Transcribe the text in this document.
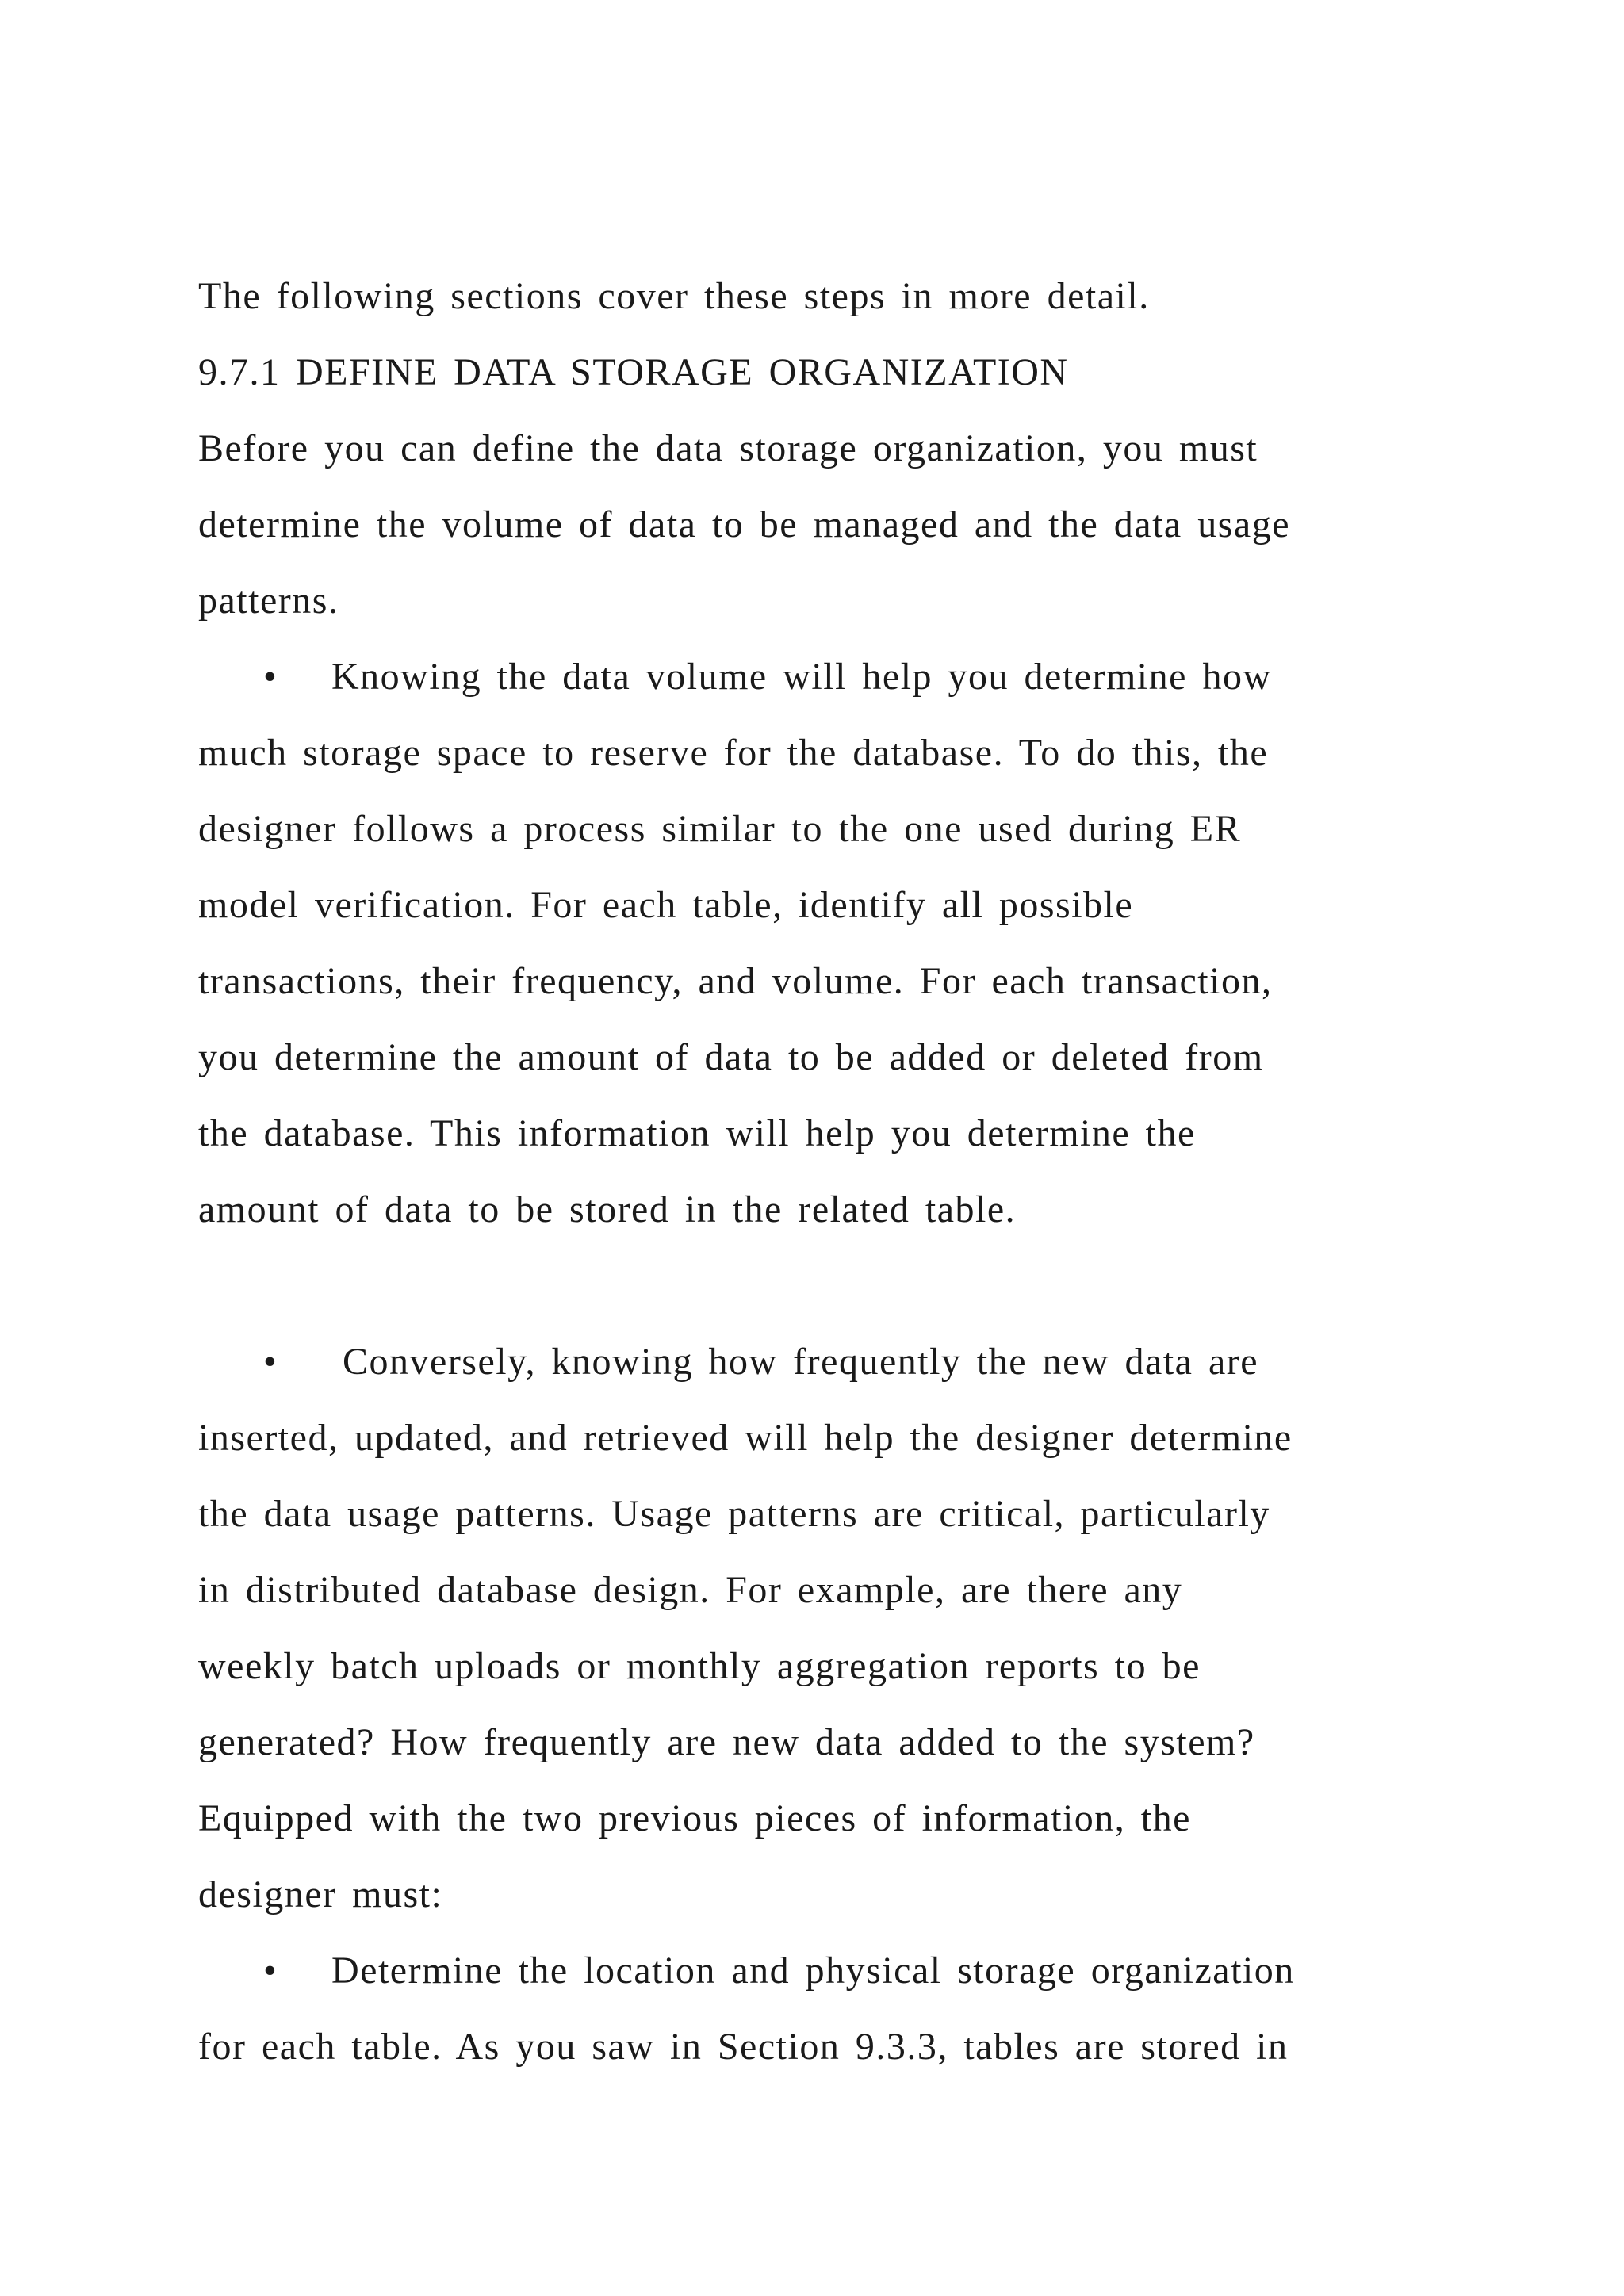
The following sections cover these steps in more detail.
9.7.1 DEFINE DATA STORAGE ORGANIZATION
Before you can define the data storage organization, you must
determine the volume of data to be managed and the data usage
patterns.
• Knowing the data volume will help you determine how
much storage space to reserve for the database. To do this, the
designer follows a process similar to the one used during ER
model verification. For each table, identify all possible
transactions, their frequency, and volume. For each transaction,
you determine the amount of data to be added or deleted from
the database. This information will help you determine the
amount of data to be stored in the related table.
• Conversely, knowing how frequently the new data are
inserted, updated, and retrieved will help the designer determine
the data usage patterns. Usage patterns are critical, particularly
in distributed database design. For example, are there any
weekly batch uploads or monthly aggregation reports to be
generated? How frequently are new data added to the system?
Equipped with the two previous pieces of information, the
designer must:
• Determine the location and physical storage organization
for each table. As you saw in Section 9.3.3, tables are stored in
